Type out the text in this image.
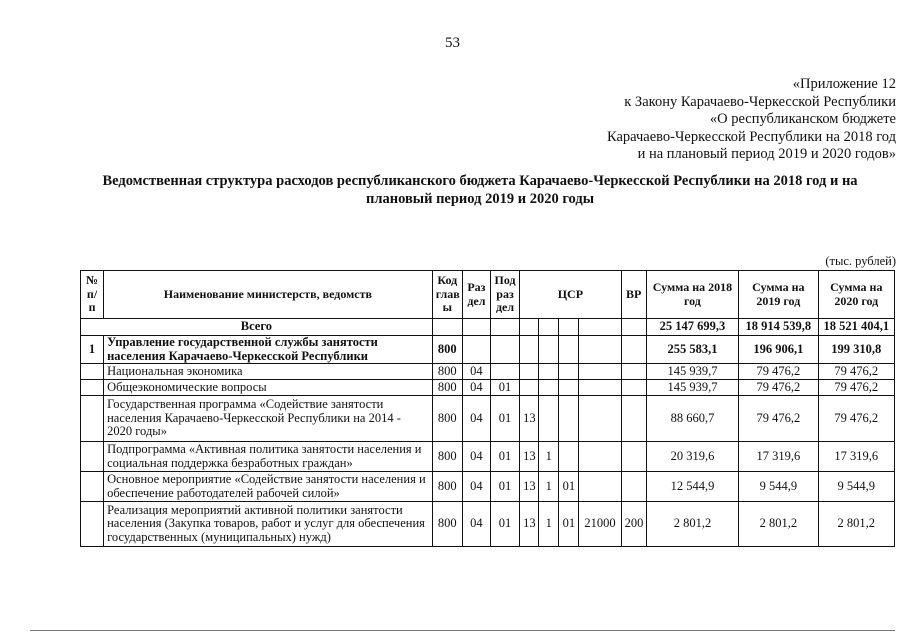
53
«Приложение 12
к Закону Карачаево-Черкесской Республики
«О республиканском бюджете
Карачаево-Черкесской Республики на 2018 год
и на плановый период 2019 и 2020 годов»
Ведомственная структура расходов республиканского бюджета Карачаево-Черкесской Республики на 2018 год и на
плановый период 2019 и 2020 годы
(тыс. рублей)
№ п/п	Наименование министерств, ведомств	Код глав ы	Раз дел	Под раз дел	ЦСР				ВР	Сумма на 2018 год	Сумма на 2019 год	Сумма на 2020 год
Всего										25 147 699,3	18 914 539,8	18 521 404,1
1	Управление государственной службы занятости населения Карачаево-Черкесской Республики	800								255 583,1	196 906,1	199 310,8
	Национальная экономика	800	04							145 939,7	79 476,2	79 476,2
	Общеэкономические вопросы	800	04	01						145 939,7	79 476,2	79 476,2
	Государственная программа «Содействие занятости населения Карачаево-Черкесской Республики на 2014 - 2020 годы»	800	04	01	13					88 660,7	79 476,2	79 476,2
	Подпрограмма «Активная политика занятости населения и социальная поддержка безработных граждан»	800	04	01	13	1				20 319,6	17 319,6	17 319,6
	Основное мероприятие «Содействие занятости населения и обеспечение работодателей рабочей силой»	800	04	01	13	1	01			12 544,9	9 544,9	9 544,9
	Реализация мероприятий активной политики занятости населения (Закупка товаров, работ и услуг для обеспечения государственных (муниципальных) нужд)	800	04	01	13	1	01	21000	200	2 801,2	2 801,2	2 801,2
